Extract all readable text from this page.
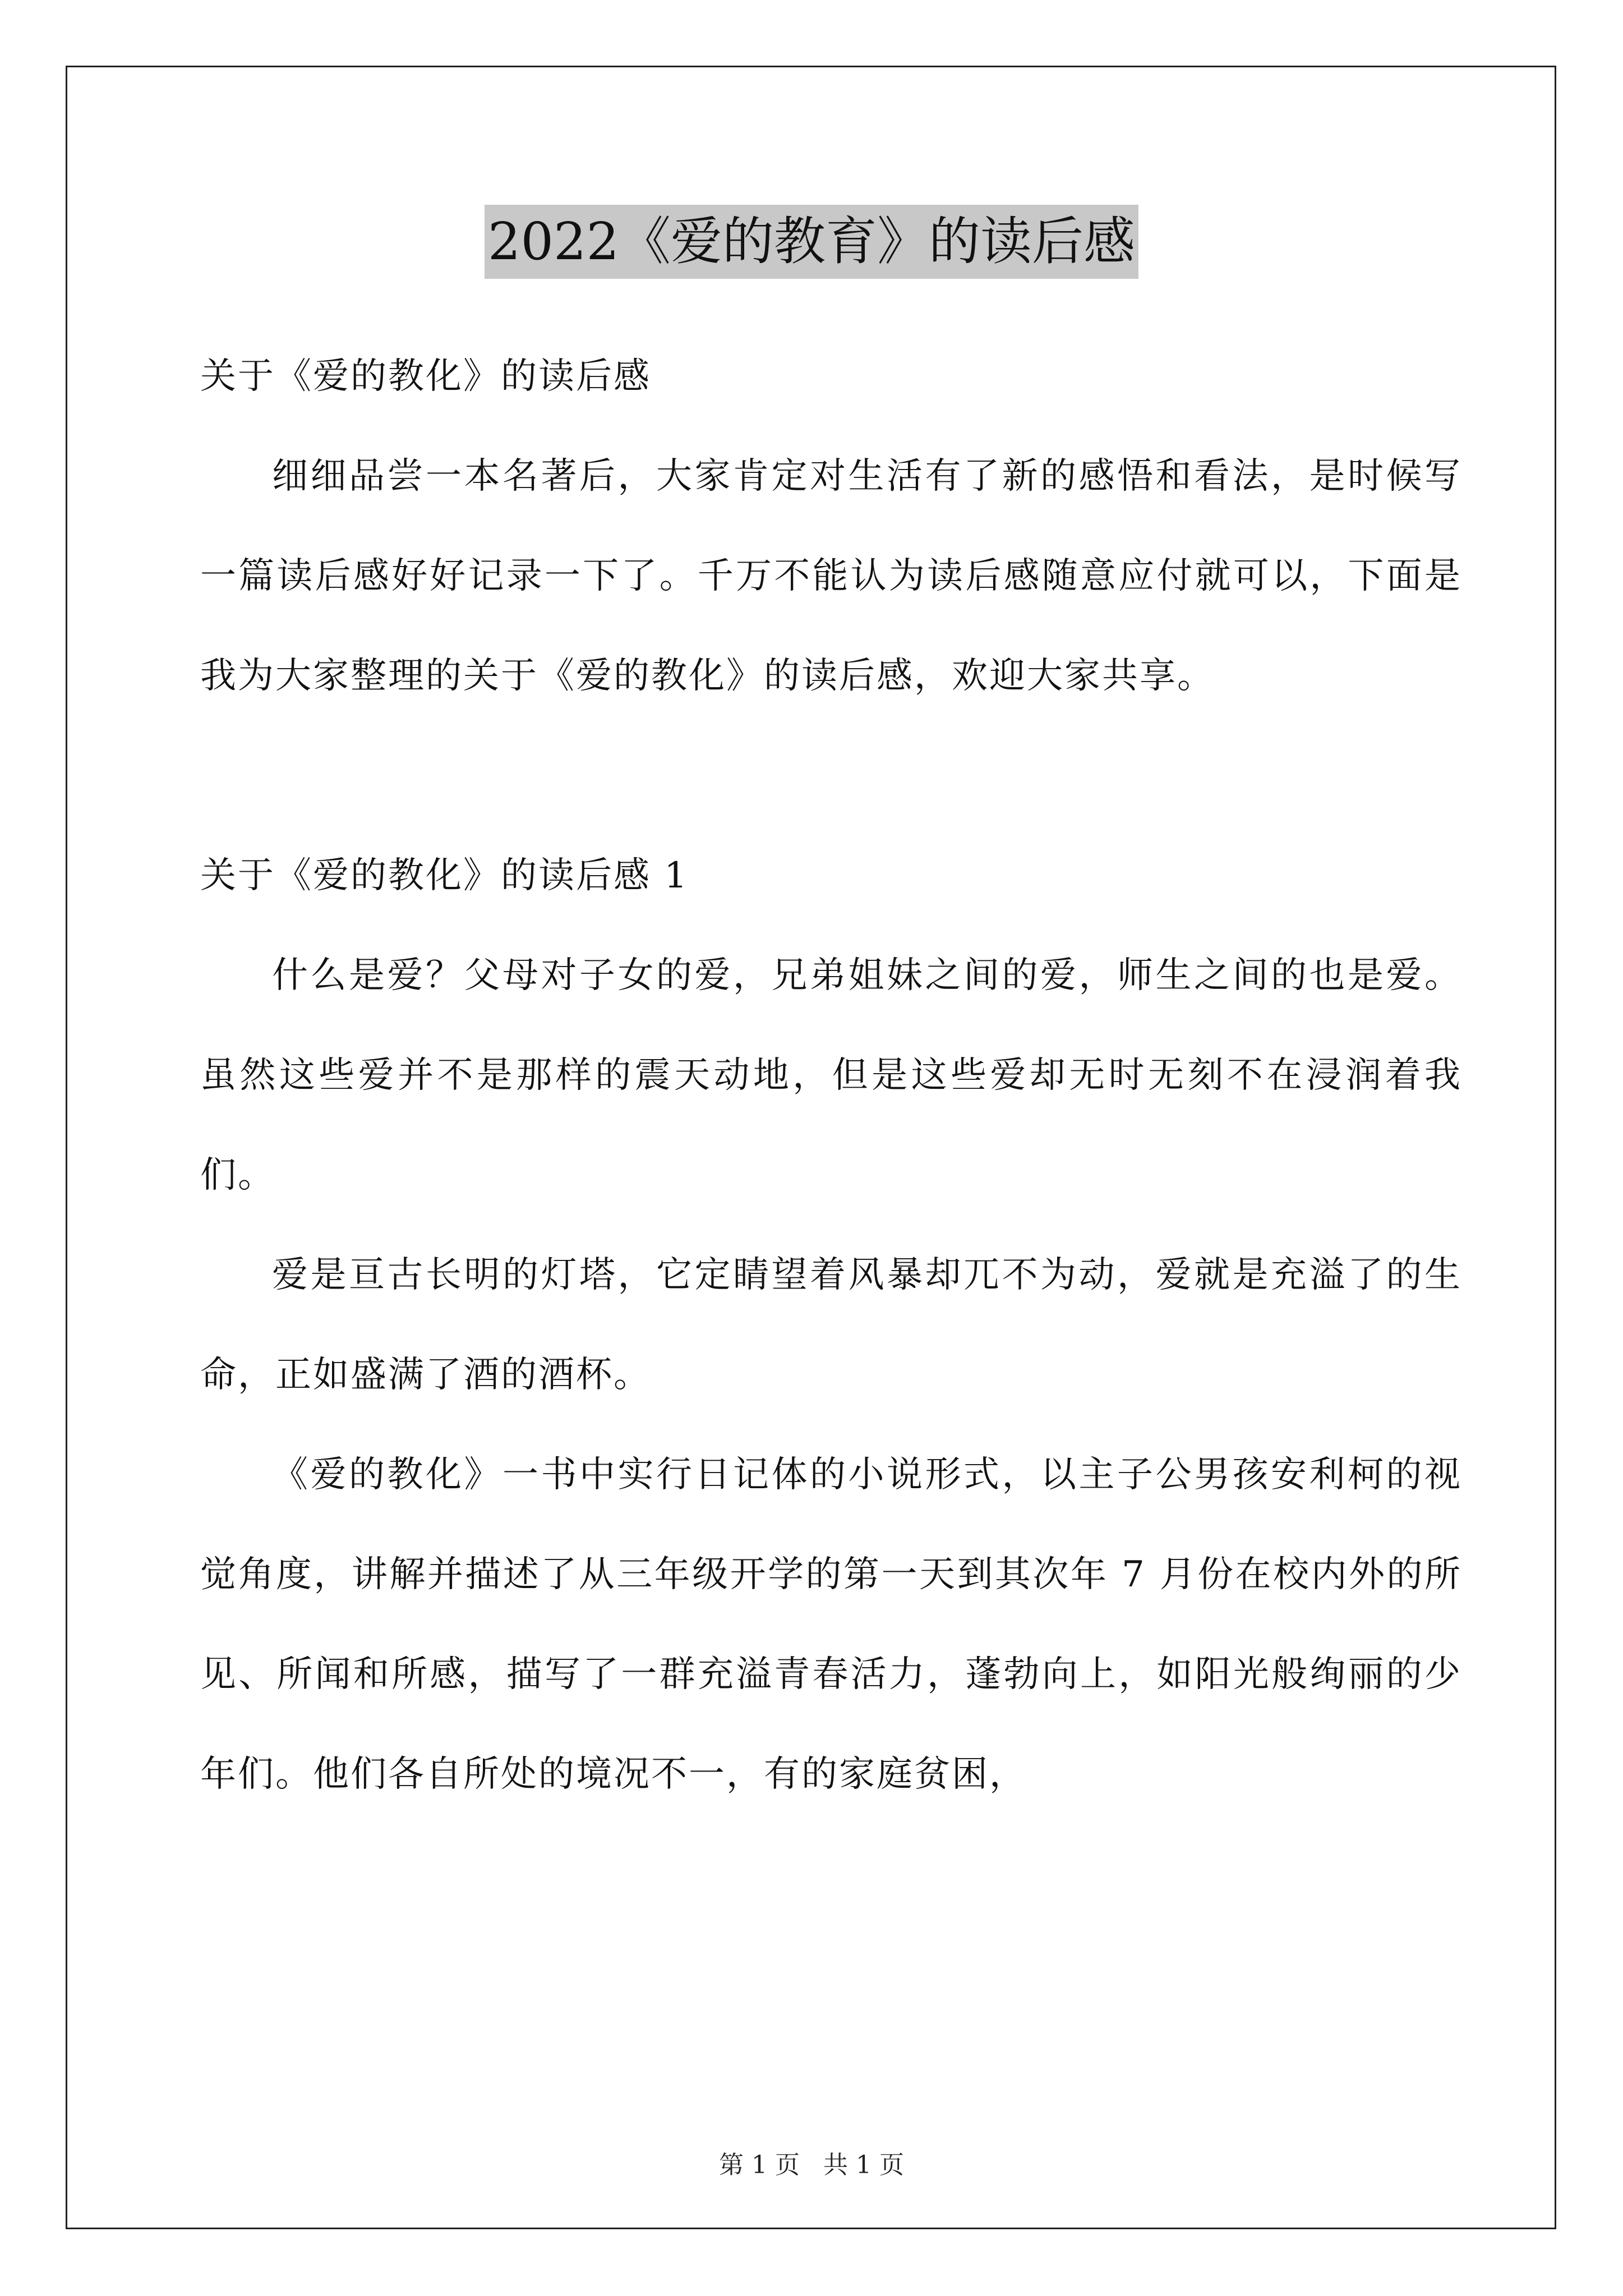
2022《爱的教育》的读后感

关于《爱的教化》的读后感

细细品尝一本名著后，大家肯定对生活有了新的感悟和看法，是时候写一篇读后感好好记录一下了。千万不能认为读后感随意应付就可以，下面是我为大家整理的关于《爱的教化》的读后感，欢迎大家共享。

关于《爱的教化》的读后感 1

什么是爱？父母对子女的爱，兄弟姐妹之间的爱，师生之间的也是爱。虽然这些爱并不是那样的震天动地，但是这些爱却无时无刻不在浸润着我们。

爱是亘古长明的灯塔，它定睛望着风暴却兀不为动，爱就是充溢了的生命，正如盛满了酒的酒杯。

《爱的教化》一书中实行日记体的小说形式，以主子公男孩安利柯的视觉角度，讲解并描述了从三年级开学的第一天到其次年 7 月份在校内外的所见、所闻和所感，描写了一群充溢青春活力，蓬勃向上，如阳光般绚丽的少年们。他们各自所处的境况不一，有的家庭贫困，

第 1 页 共 1 页
